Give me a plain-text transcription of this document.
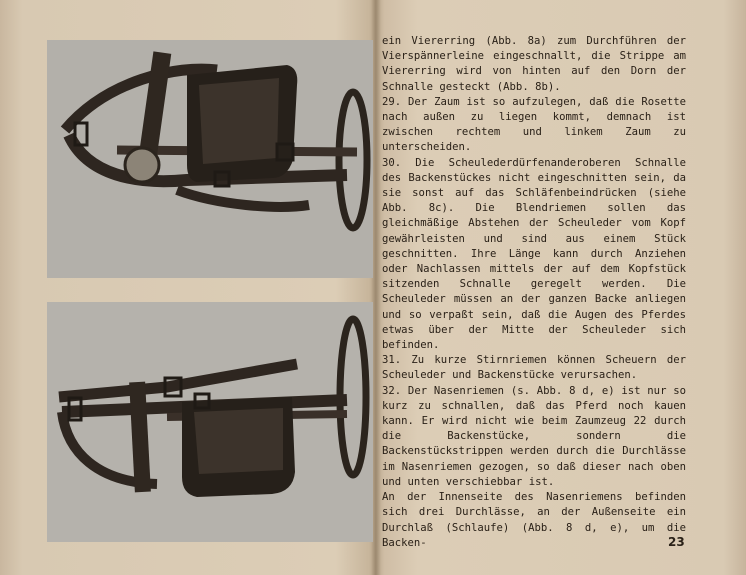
ein Viererring (Abb. 8a) zum Durchführen der Vierspännerleine eingeschnallt, die Strippe am Viererring wird von hinten auf den Dorn der Schnalle gesteckt (Abb. 8b).

29. Der Zaum ist so aufzulegen, daß die Rosette nach außen zu liegen kommt, demnach ist zwischen rechtem und linkem Zaum zu unterscheiden.

30. Die Scheulederdürfenanderoberen Schnalle des Backenstückes nicht eingeschnitten sein, da sie sonst auf das Schläfenbeindrücken (siehe Abb. 8c). Die Blendriemen sollen das gleichmäßige Abstehen der Scheuleder vom Kopf gewährleisten und sind aus einem Stück geschnitten. Ihre Länge kann durch Anziehen oder Nachlassen mittels der auf dem Kopfstück sitzenden Schnalle geregelt werden. Die Scheuleder müssen an der ganzen Backe anliegen und so verpaßt sein, daß die Augen des Pferdes etwas über der Mitte der Scheuleder sich befinden.

31. Zu kurze Stirnriemen können Scheuern der Scheuleder und Backenstücke verursachen.

32. Der Nasenriemen (s. Abb. 8 d, e) ist nur so kurz zu schnallen, daß das Pferd noch kauen kann. Er wird nicht wie beim Zaumzeug 22 durch die Backenstücke, sondern die Backenstückstrippen werden durch die Durchlässe im Nasenriemen gezogen, so daß dieser nach oben und unten verschiebbar ist.

An der Innenseite des Nasenriemens befinden sich drei Durchlässe, an der Außenseite ein Durchlaß (Schlaufe) (Abb. 8 d, e), um die Backen-	23
